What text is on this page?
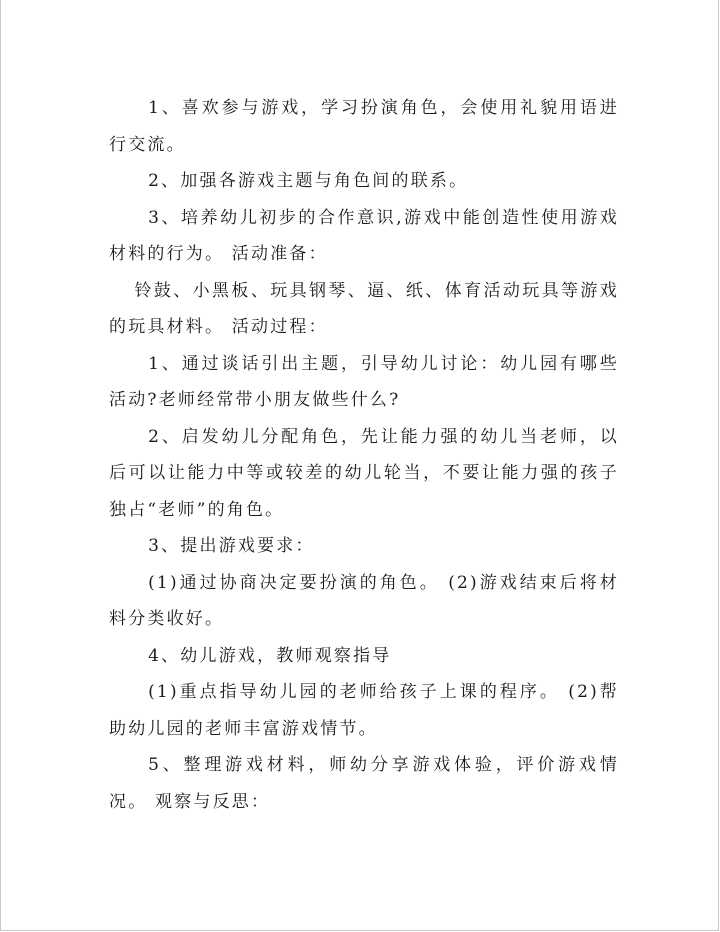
1、喜欢参与游戏，学习扮演角色，会使用礼貌用语进行交流。

2、加强各游戏主题与角色间的联系。

3、培养幼儿初步的合作意识,游戏中能创造性使用游戏材料的行为。 活动准备：

铃鼓、小黑板、玩具钢琴、逼、纸、体育活动玩具等游戏的玩具材料。 活动过程：

1、通过谈话引出主题，引导幼儿讨论：幼儿园有哪些活动?老师经常带小朋友做些什么?

2、启发幼儿分配角色，先让能力强的幼儿当老师，以后可以让能力中等或较差的幼儿轮当，不要让能力强的孩子独占“老师”的角色。

3、提出游戏要求：

(1)通过协商决定要扮演的角色。 (2)游戏结束后将材料分类收好。

4、幼儿游戏，教师观察指导

(1)重点指导幼儿园的老师给孩子上课的程序。 (2)帮助幼儿园的老师丰富游戏情节。

5、整理游戏材料，师幼分享游戏体验，评价游戏情况。 观察与反思：
